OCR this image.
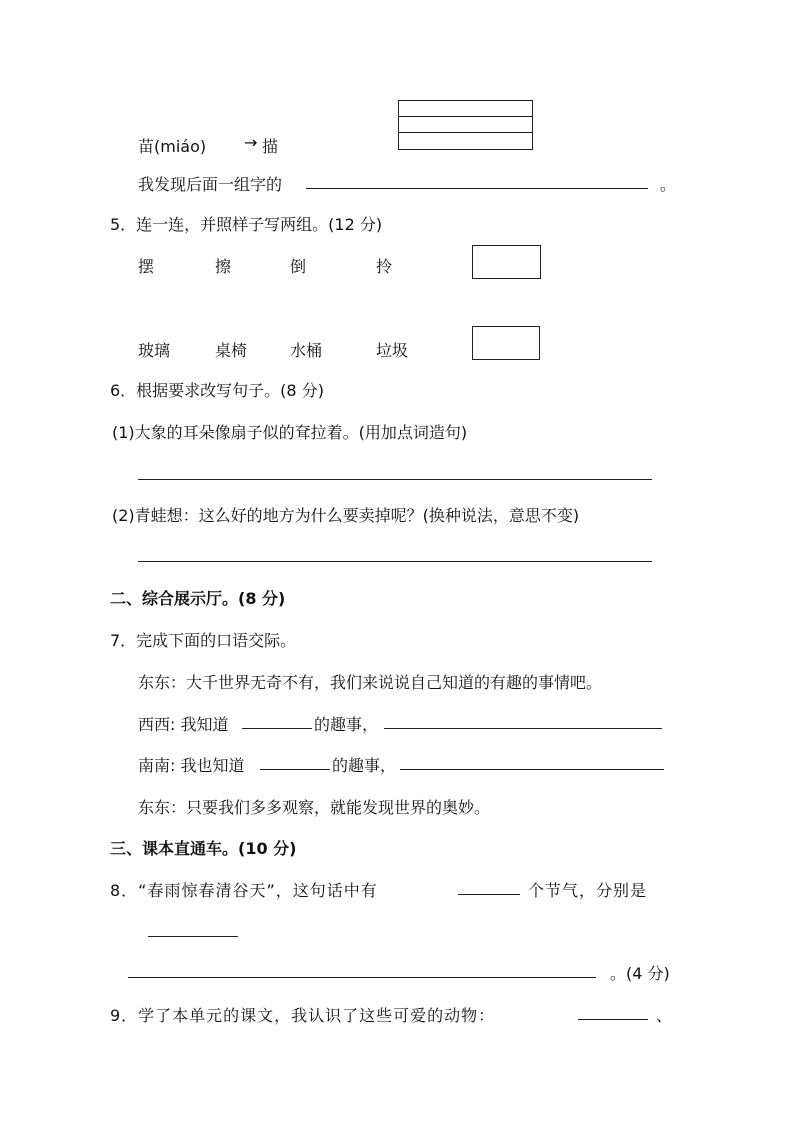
苗(miáo) → 描
我发现后面一组字的	。
5．连一连，并照样子写两组。(12 分)
摆	擦	倒	拎
玻璃	桌椅	水桶	垃圾
6．根据要求改写句子。(8 分)
(1)大象的耳朵像扇子似的耷拉着。(用加点词造句)
(2)青蛙想：这么好的地方为什么要卖掉呢？(换种说法，意思不变)
二、综合展示厅。(8 分)
7．完成下面的口语交际。
东东：大千世界无奇不有，我们来说说自己知道的有趣的事情吧。
西西: 我知道	的趣事，
南南: 我也知道	的趣事，
东东：只要我们多多观察，就能发现世界的奥妙。
三、课本直通车。(10 分)
8．“春雨惊春清谷天”，这句话中有	个节气，分别是
。(4 分)
9．学了本单元的课文，我认识了这些可爱的动物：	、
